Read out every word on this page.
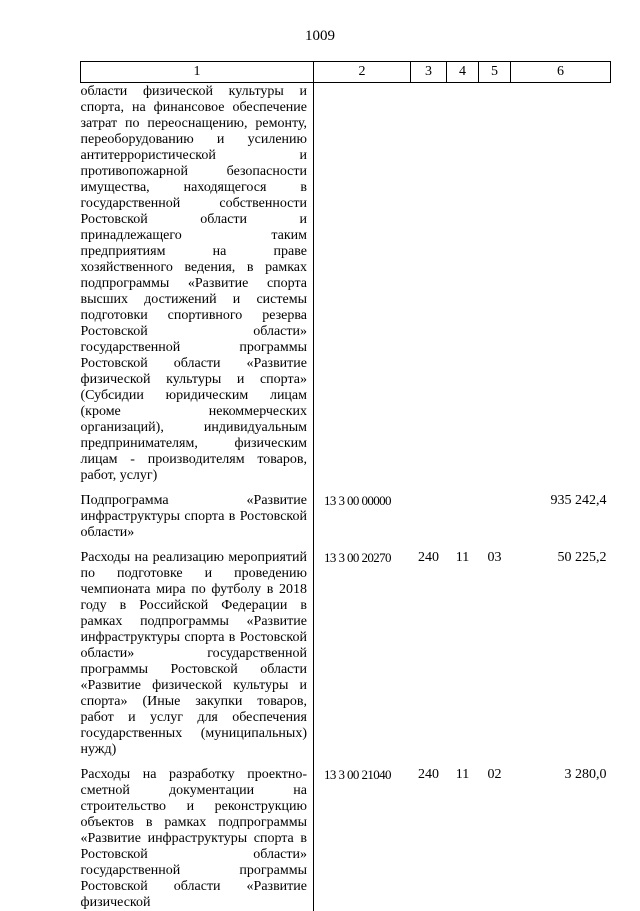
1009
1	2	3	4	5	6
области физической культуры и спорта, на финансовое обеспечение затрат по переоснащению, ремонту, переоборудованию и усилению антитеррористической и противопожарной безопасности имущества, находящегося в государственной собственности Ростовской области и принадлежащего таким предприятиям на праве хозяйственного ведения, в рамках подпрограммы «Развитие спорта высших достижений и системы подготовки спортивного резерва Ростовской области» государственной программы Ростовской области «Развитие физической культуры и спорта» (Субсидии юридическим лицам (кроме некоммерческих организаций), индивидуальным предпринимателям, физическим лицам - производителям товаров, работ, услуг)					
Подпрограмма «Развитие инфраструктуры спорта в Ростовской области»	13 3 00 00000				935 242,4
Расходы на реализацию мероприятий по подготовке и проведению чемпионата мира по футболу в 2018 году в Российской Федерации в рамках подпрограммы «Развитие инфраструктуры спорта в Ростовской области» государственной программы Ростовской области «Развитие физической культуры и спорта» (Иные закупки товаров, работ и услуг для обеспечения государственных (муниципальных) нужд)	13 3 00 20270	240	11	03	50 225,2
Расходы на разработку проектно-сметной документации на строительство и реконструкцию объектов в рамках подпрограммы «Развитие инфраструктуры спорта в Ростовской области» государственной программы Ростовской области «Развитие физической	13 3 00 21040	240	11	02	3 280,0
